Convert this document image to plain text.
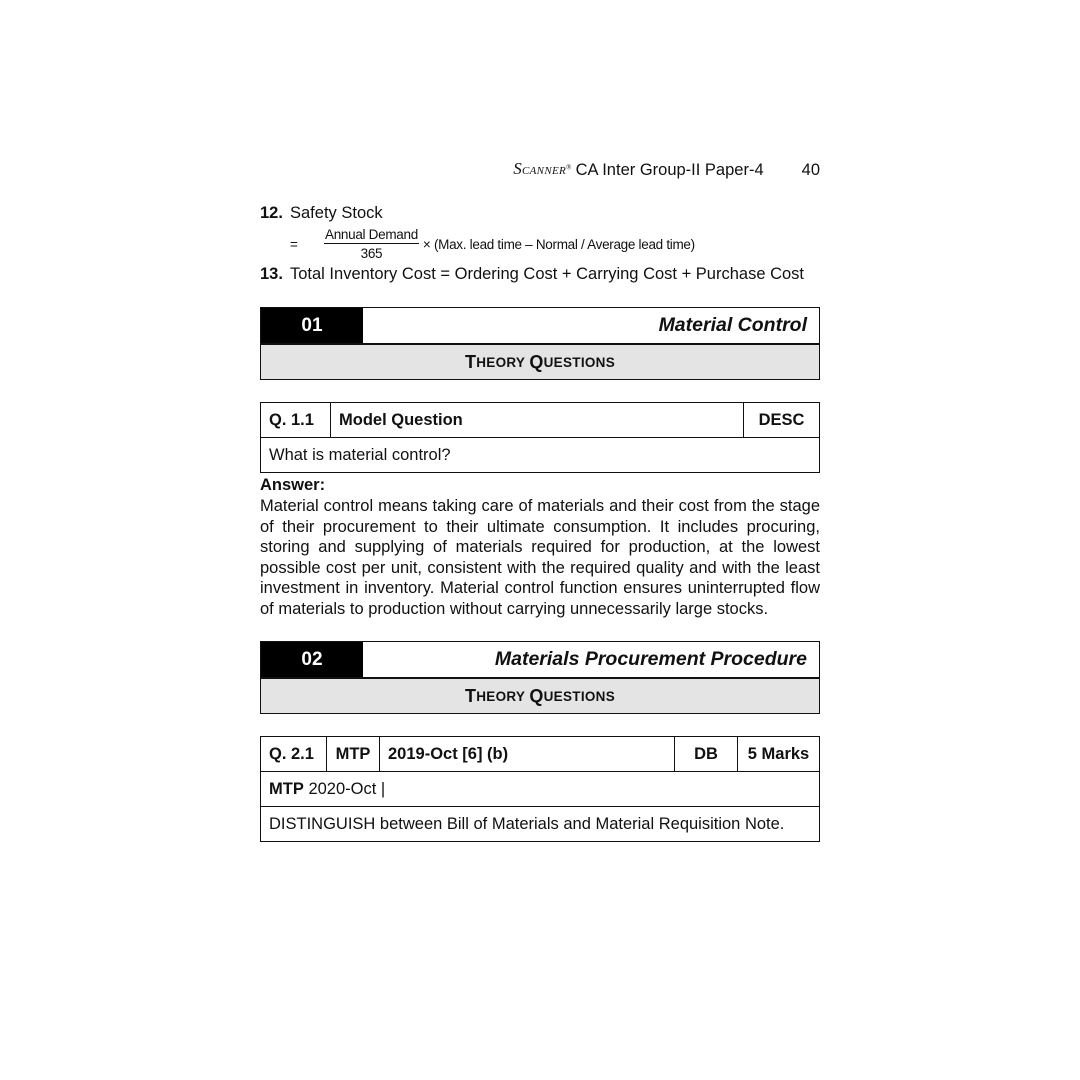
SCANNER® CA Inter Group-II Paper-4 40
12. Safety Stock
=	$\frac{\text{Annual Demand}}{365} \times (Max$. lead time – Normal / Average lead time)
13. Total Inventory Cost = Ordering Cost + Carrying Cost + Purchase Cost
01	Material Control
T HEORY
Q UESTIONS
Q. 1.1	Model Question	DESC
What is material control?
Answer:

Material control means taking care of materials and their cost from the stage of their procurement to their ultimate consumption. It includes procuring, storing and supplying of materials required for production, at the lowest possible cost per unit, consistent with the required quality and with the least investment in inventory. Material control function ensures uninterrupted flow of materials to production without carrying unnecessarily large stocks.

02	Materials Procurement Procedure
T HEORY
Q UESTIONS
Q. 2.1	MTP	2019-Oct [6] (b)	DB	5 Marks
MTP 2020-Oct |
DISTINGUISH between Bill of Materials and Material Requisition Note.
